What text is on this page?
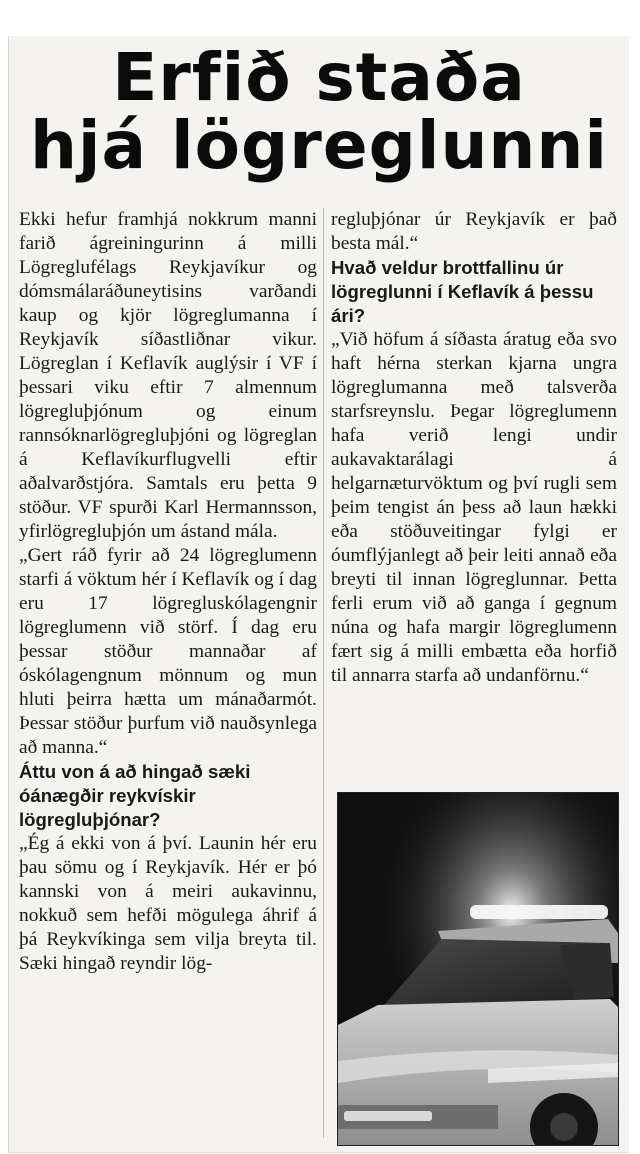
Erfið staða
hjá lögreglunni

Ekki hefur framhjá nokkrum manni farið ágreiningurinn á milli Lögreglufélags Reykjavíkur og dómsmálaráðuneytisins varðandi kaup og kjör lögreglumanna í Reykjavík síðastliðnar vikur. Lögreglan í Keflavík auglýsir í VF í þessari viku eftir 7 almennum lögregluþjónum og einum rannsóknarlögregluþjóni og lögreglan á Keflavíkurflugvelli eftir aðalvarðstjóra. Samtals eru þetta 9 stöður. VF spurði Karl Hermannsson, yfirlögregluþjón um ástand mála.

„Gert ráð fyrir að 24 lögreglumenn starfi á vöktum hér í Keflavík og í dag eru 17 lögregluskólagengnir lögreglumenn við störf. Í dag eru þessar stöður mannaðar af óskólagengnum mönnum og mun hluti þeirra hætta um mánaðarmót. Þessar stöður þurfum við nauðsynlega að manna.“

Áttu von á að hingað sæki óánægðir reykvískir lögregluþjónar?

„Ég á ekki von á því. Launin hér eru þau sömu og í Reykjavík. Hér er þó kannski von á meiri aukavinnu, nokkuð sem hefði mögulega áhrif á þá Reykvíkinga sem vilja breyta til. Sæki hingað reyndir lög-

regluþjónar úr Reykjavík er það besta mál.“

Hvað veldur brottfallinu úr lögreglunni í Keflavík á þessu ári?

„Við höfum á síðasta áratug eða svo haft hérna sterkan kjarna ungra lögreglumanna með talsverða starfsreynslu. Þegar lögreglumenn hafa verið lengi undir aukavaktarálagi á helgarnæturvöktum og því rugli sem þeim tengist án þess að laun hækki eða stöðuveitingar fylgi er óumflýjanlegt að þeir leiti annað eða breyti til innan lögreglunnar. Þetta ferli erum við að ganga í gegnum núna og hafa margir lögreglumenn fært sig á milli embætta eða horfið til annarra starfa að undanförnu.“
